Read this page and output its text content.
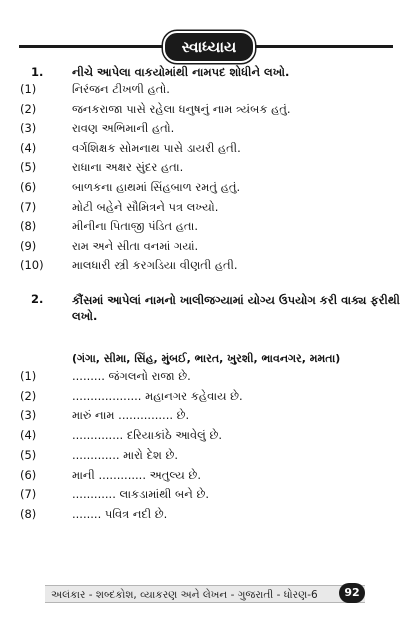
સ્વાધ્યાય
1. નીચે આપેલા વાકયોમાંથી નામપદ શોધીને લખો.
(1)	નિરંજન ટીખળી હતો.
(2)	જનકરાજા પાસે રહેલા ધનુષનું નામ ત્ર્યંબક હતું.
(3)	રાવણ અભિમાની હતો.
(4)	વર્ગશિક્ષક સોમનાથ પાસે ડાયરી હતી.
(5)	રાધાના અક્ષર સુંદર હતા.
(6)	બાળકના હાથમાં સિંહબાળ રમતું હતું.
(7)	મોટી બહેને સૌમિત્રને પત્ર લખ્યો.
(8)	મીનીના પિતાજી પંડિત હતા.
(9)	રામ અને સીતા વનમાં ગયાં.
(10) માલધારી સ્ત્રી કરગડિયા વીણતી હતી.
2. કૌંસમાં આપેલાં નામનો ખાલીજગ્યામાં યોગ્ય ઉપયોગ કરી વાક્ય ફરીથી લખો.
(ગંગા, સીમા, સિંહ, મુંબઈ, ભારત, ખુરશી, ભાવનગર, મમતા)
(1)	......... જંગલનો રાજા છે.
(2)	................... મહાનગર કહેવાય છે.
(3)	મારું નામ ............... છે.
(4)	.............. દરિયાકાંઠે આવેલું છે.
(5)	............. મારો દેશ છે.
(6)	માની ............. અતુલ્ય છે.
(7)	............ લાકડામાંથી બને છે.
(8)	........ પવિત્ર નદી છે.
અલંકાર - શબ્દકોશ, વ્યાકરણ અને લેખન - ગુજરાતી - ધોરણ-6	92
